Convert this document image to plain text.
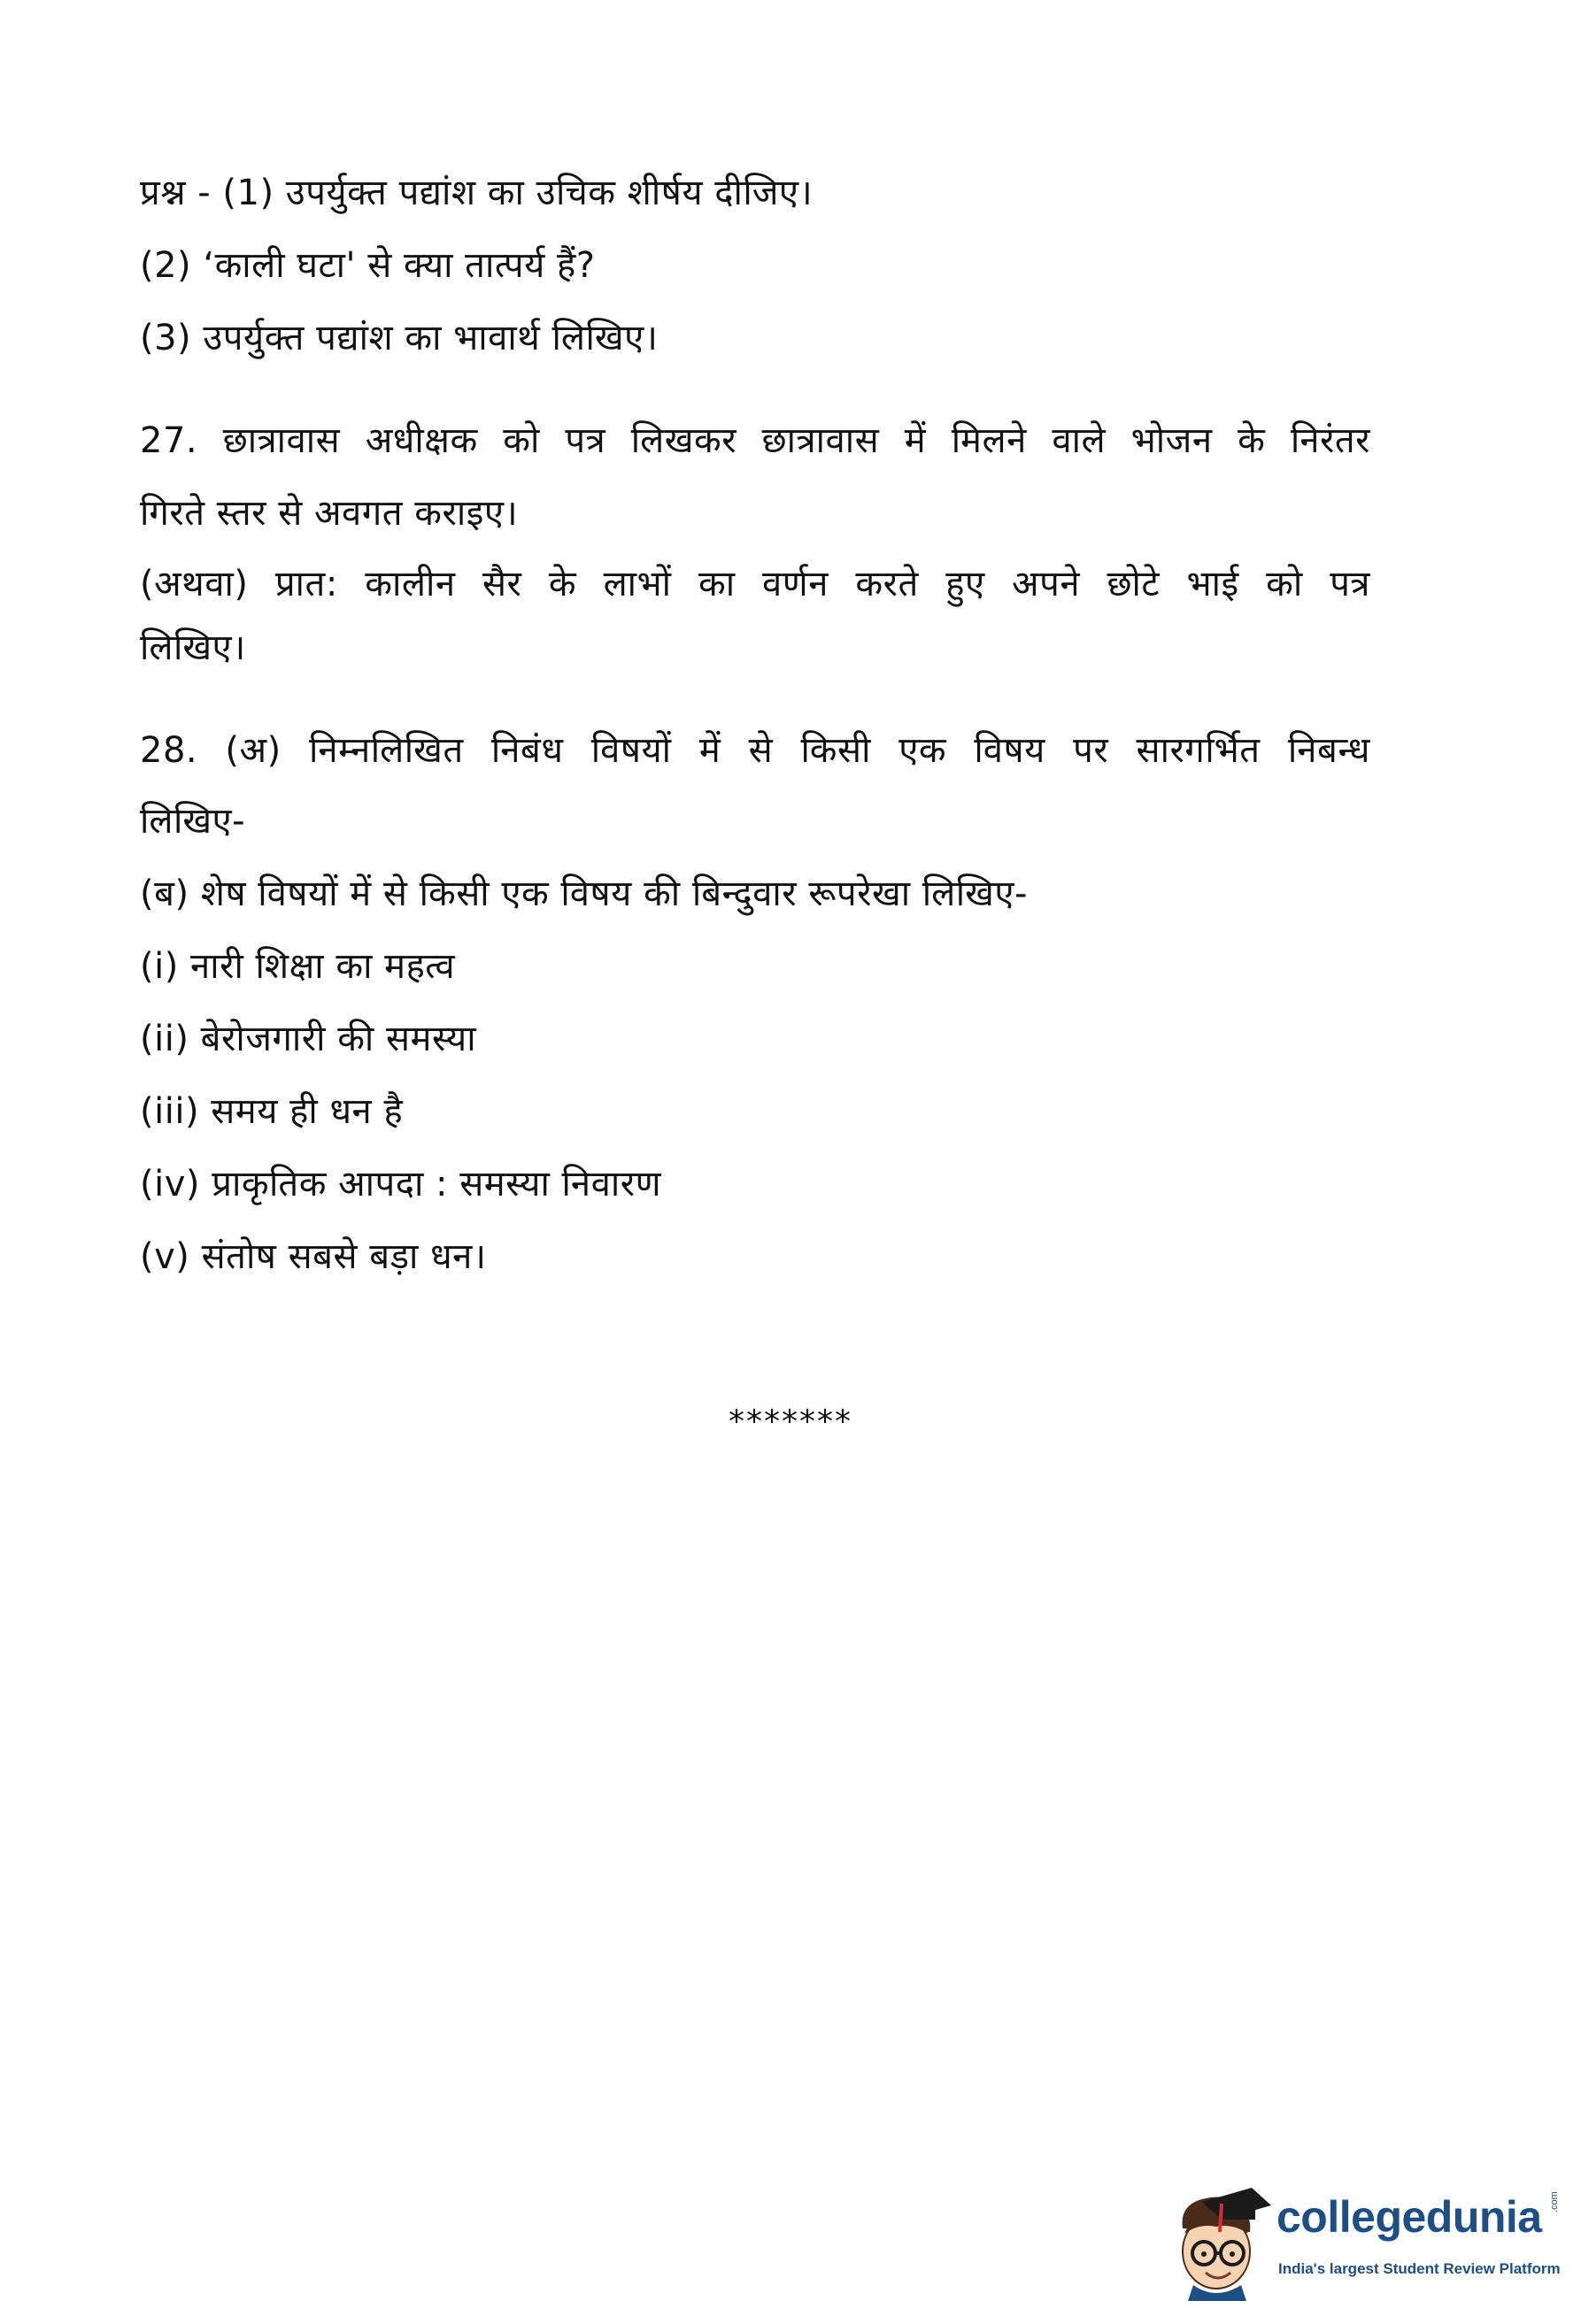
प्रश्न - (1) उपर्युक्त पद्यांश का उचिक शीर्षय दीजिए।
(2) ‘काली घटा' से क्या तात्पर्य हैं?
(3) उपर्युक्त पद्यांश का भावार्थ लिखिए।
27. छात्रावास अधीक्षक को पत्र लिखकर छात्रावास में मिलने वाले भोजन के निरंतर
गिरते स्तर से अवगत कराइए।
(अथवा) प्रात: कालीन सैर के लाभों का वर्णन करते हुए अपने छोटे भाई को पत्र
लिखिए।
28. (अ) निम्नलिखित निबंध विषयों में से किसी एक विषय पर सारगर्भित निबन्ध
लिखिए-
(ब) शेष विषयों में से किसी एक विषय की बिन्दुवार रूपरेखा लिखिए-
(i) नारी शिक्षा का महत्व
(ii) बेरोजगारी की समस्या
(iii) समय ही धन है
(iv) प्राकृतिक आपदा : समस्या निवारण
(v) संतोष सबसे बड़ा धन।
*******
collegedunia .com
India's largest Student Review Platform
